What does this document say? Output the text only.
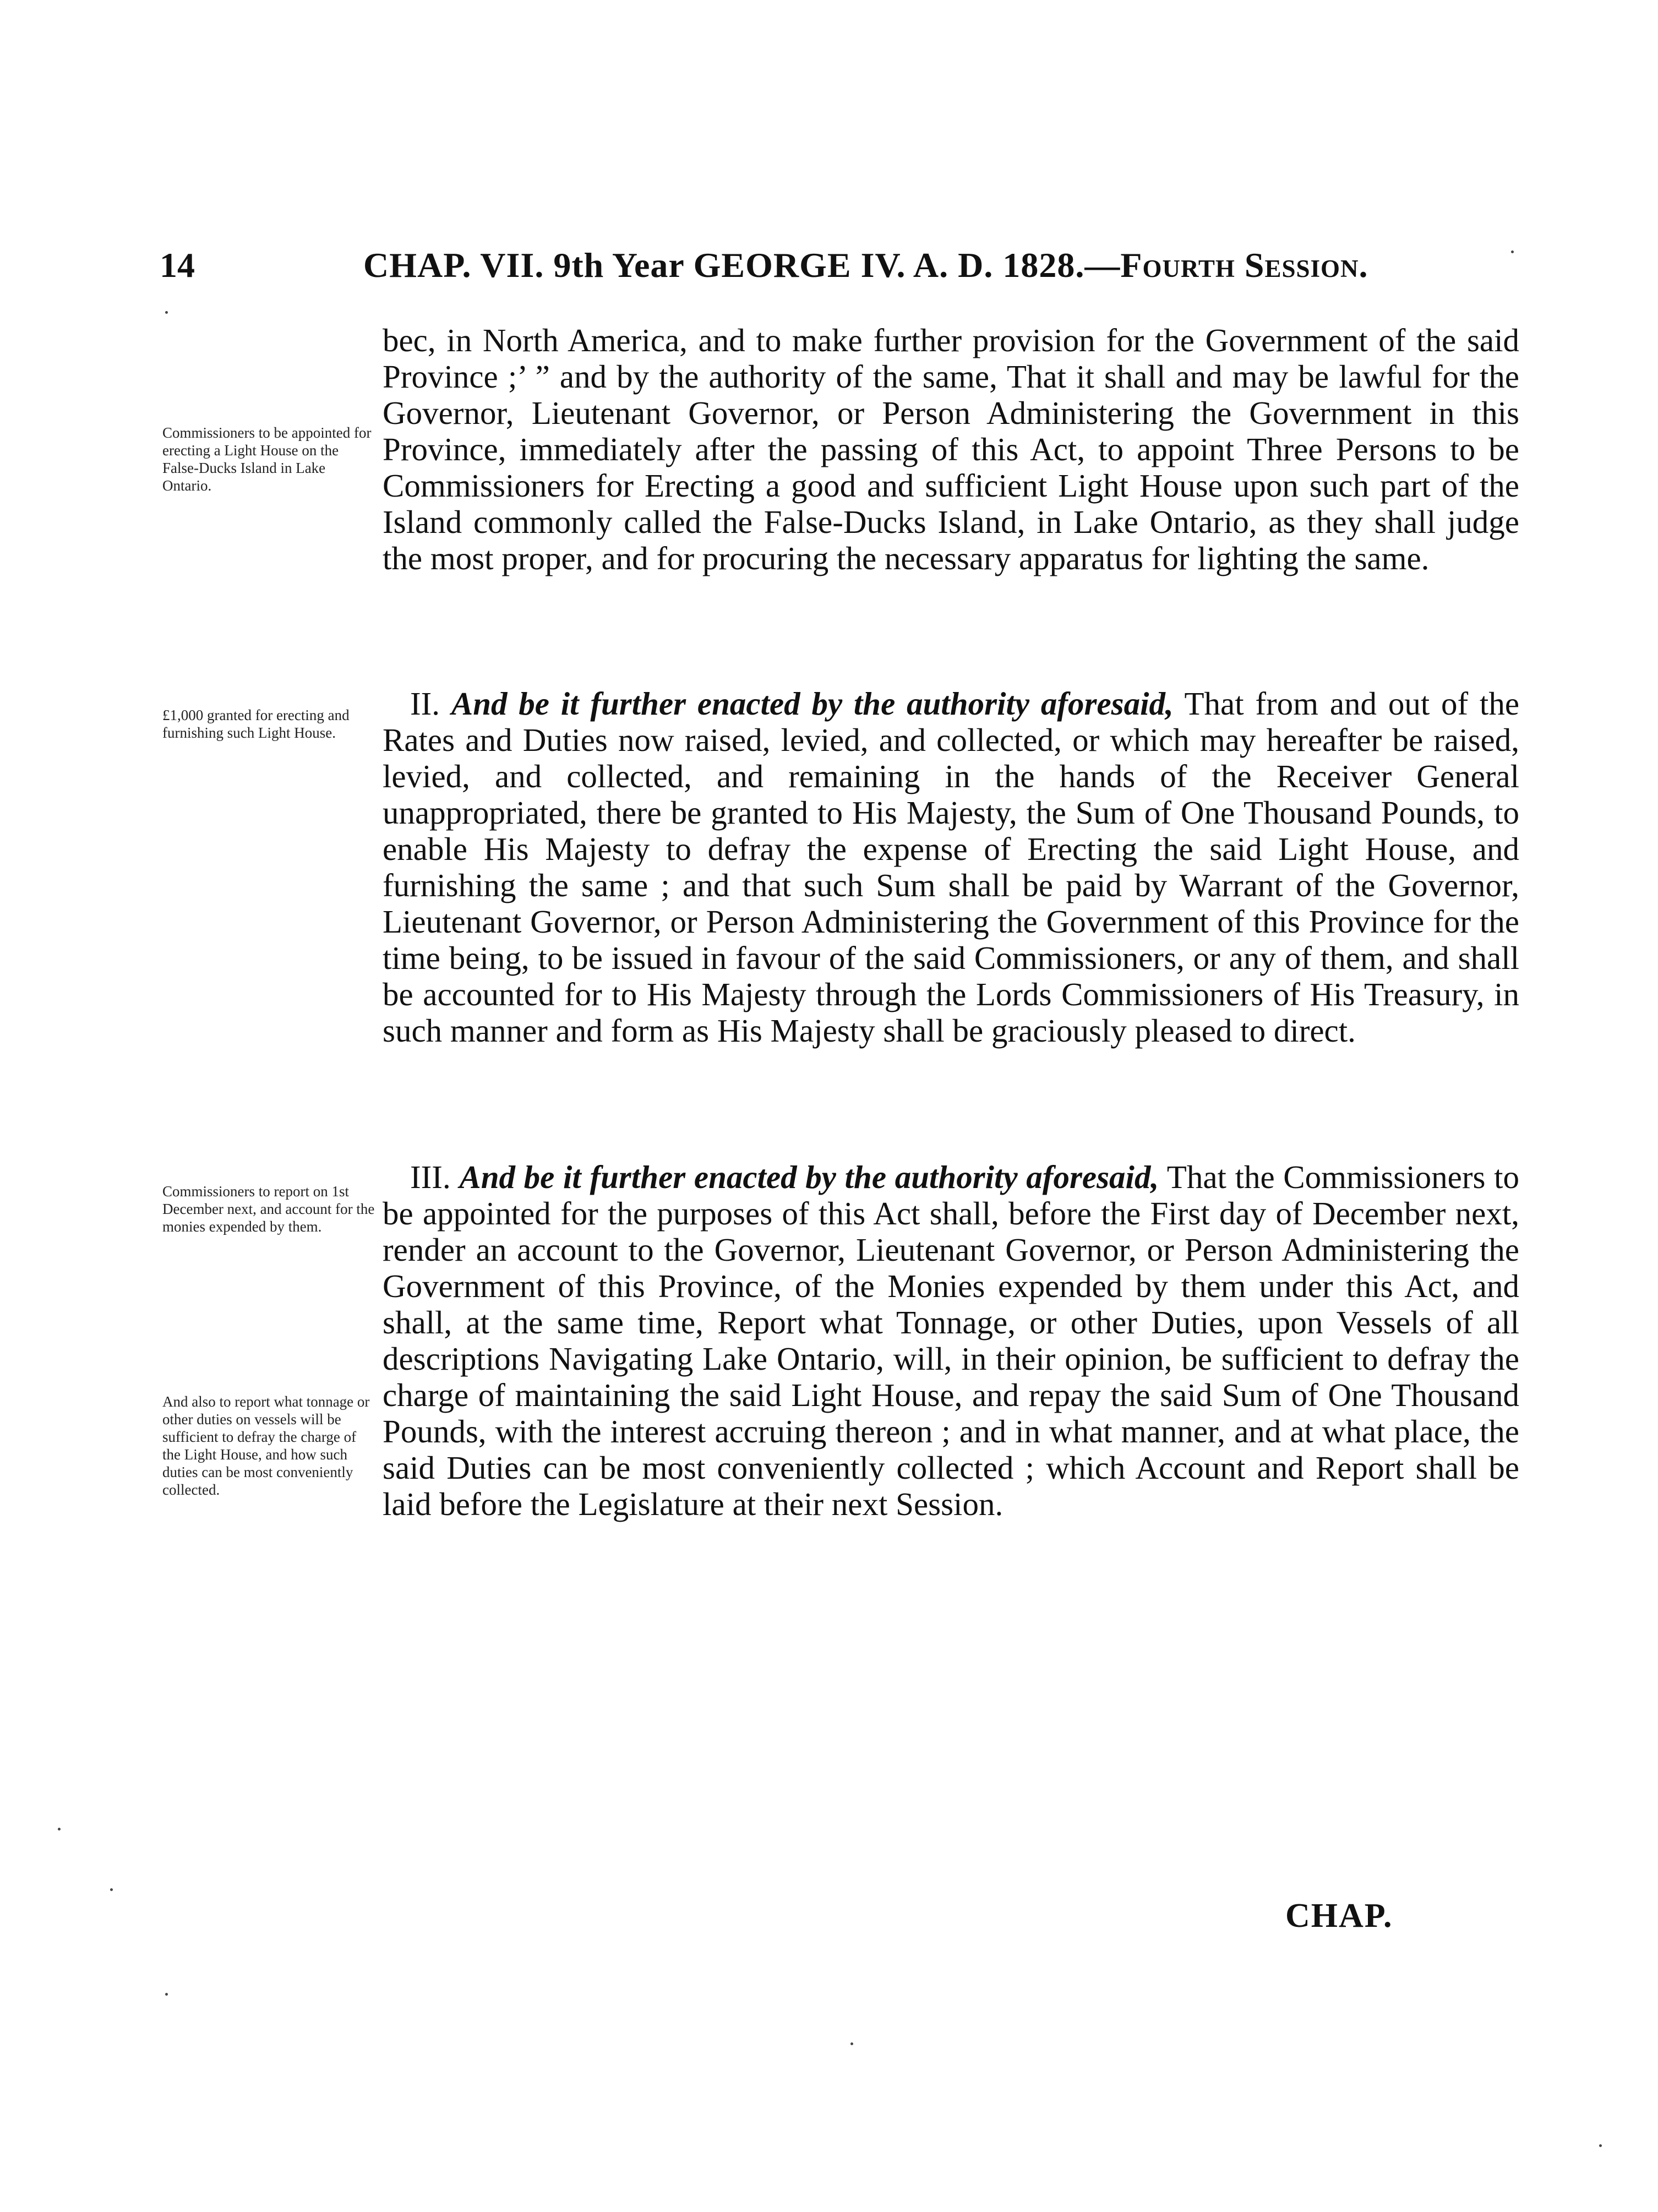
14	CHAP. VII. 9th Year GEORGE IV. A. D. 1828.—Fourth Session.
Commissioners to be appointed for erecting a Light House on the False-Ducks Island in Lake Ontario.
£1,000 granted for erecting and furnishing such Light House.
Commissioners to report on 1st December next, and account for the monies expended by them.
And also to report what tonnage or other duties on vessels will be sufficient to defray the charge of the Light House, and how such duties can be most conveniently collected.

bec, in North America, and to make further provision for the Government of the said Province ;’ ” and by the authority of the same, That it shall and may be lawful for the Governor, Lieutenant Governor, or Person Administering the Government in this Province, immediately after the passing of this Act, to appoint Three Persons to be Commissioners for Erecting a good and sufficient Light House upon such part of the Island commonly called the False-Ducks Island, in Lake Ontario, as they shall judge the most proper, and for procuring the necessary apparatus for lighting the same.

II. And be it further enacted by the authority aforesaid, That from and out of the Rates and Duties now raised, levied, and collected, or which may hereafter be raised, levied, and collected, and remaining in the hands of the Receiver General unappropriated, there be granted to His Majesty, the Sum of One Thousand Pounds, to enable His Majesty to defray the expense of Erecting the said Light House, and furnishing the same ; and that such Sum shall be paid by Warrant of the Governor, Lieutenant Governor, or Person Administering the Government of this Province for the time being, to be issued in favour of the said Commissioners, or any of them, and shall be accounted for to His Majesty through the Lords Commissioners of His Treasury, in such manner and form as His Majesty shall be graciously pleased to direct.

III. And be it further enacted by the authority aforesaid, That the Commissioners to be appointed for the purposes of this Act shall, before the First day of December next, render an account to the Governor, Lieutenant Governor, or Person Administering the Government of this Province, of the Monies expended by them under this Act, and shall, at the same time, Report what Tonnage, or other Duties, upon Vessels of all descriptions Navigating Lake Ontario, will, in their opinion, be sufficient to defray the charge of maintaining the said Light House, and repay the said Sum of One Thousand Pounds, with the interest accruing thereon ; and in what manner, and at what place, the said Duties can be most conveniently collected ; which Account and Report shall be laid before the Legislature at their next Session.

CHAP.
